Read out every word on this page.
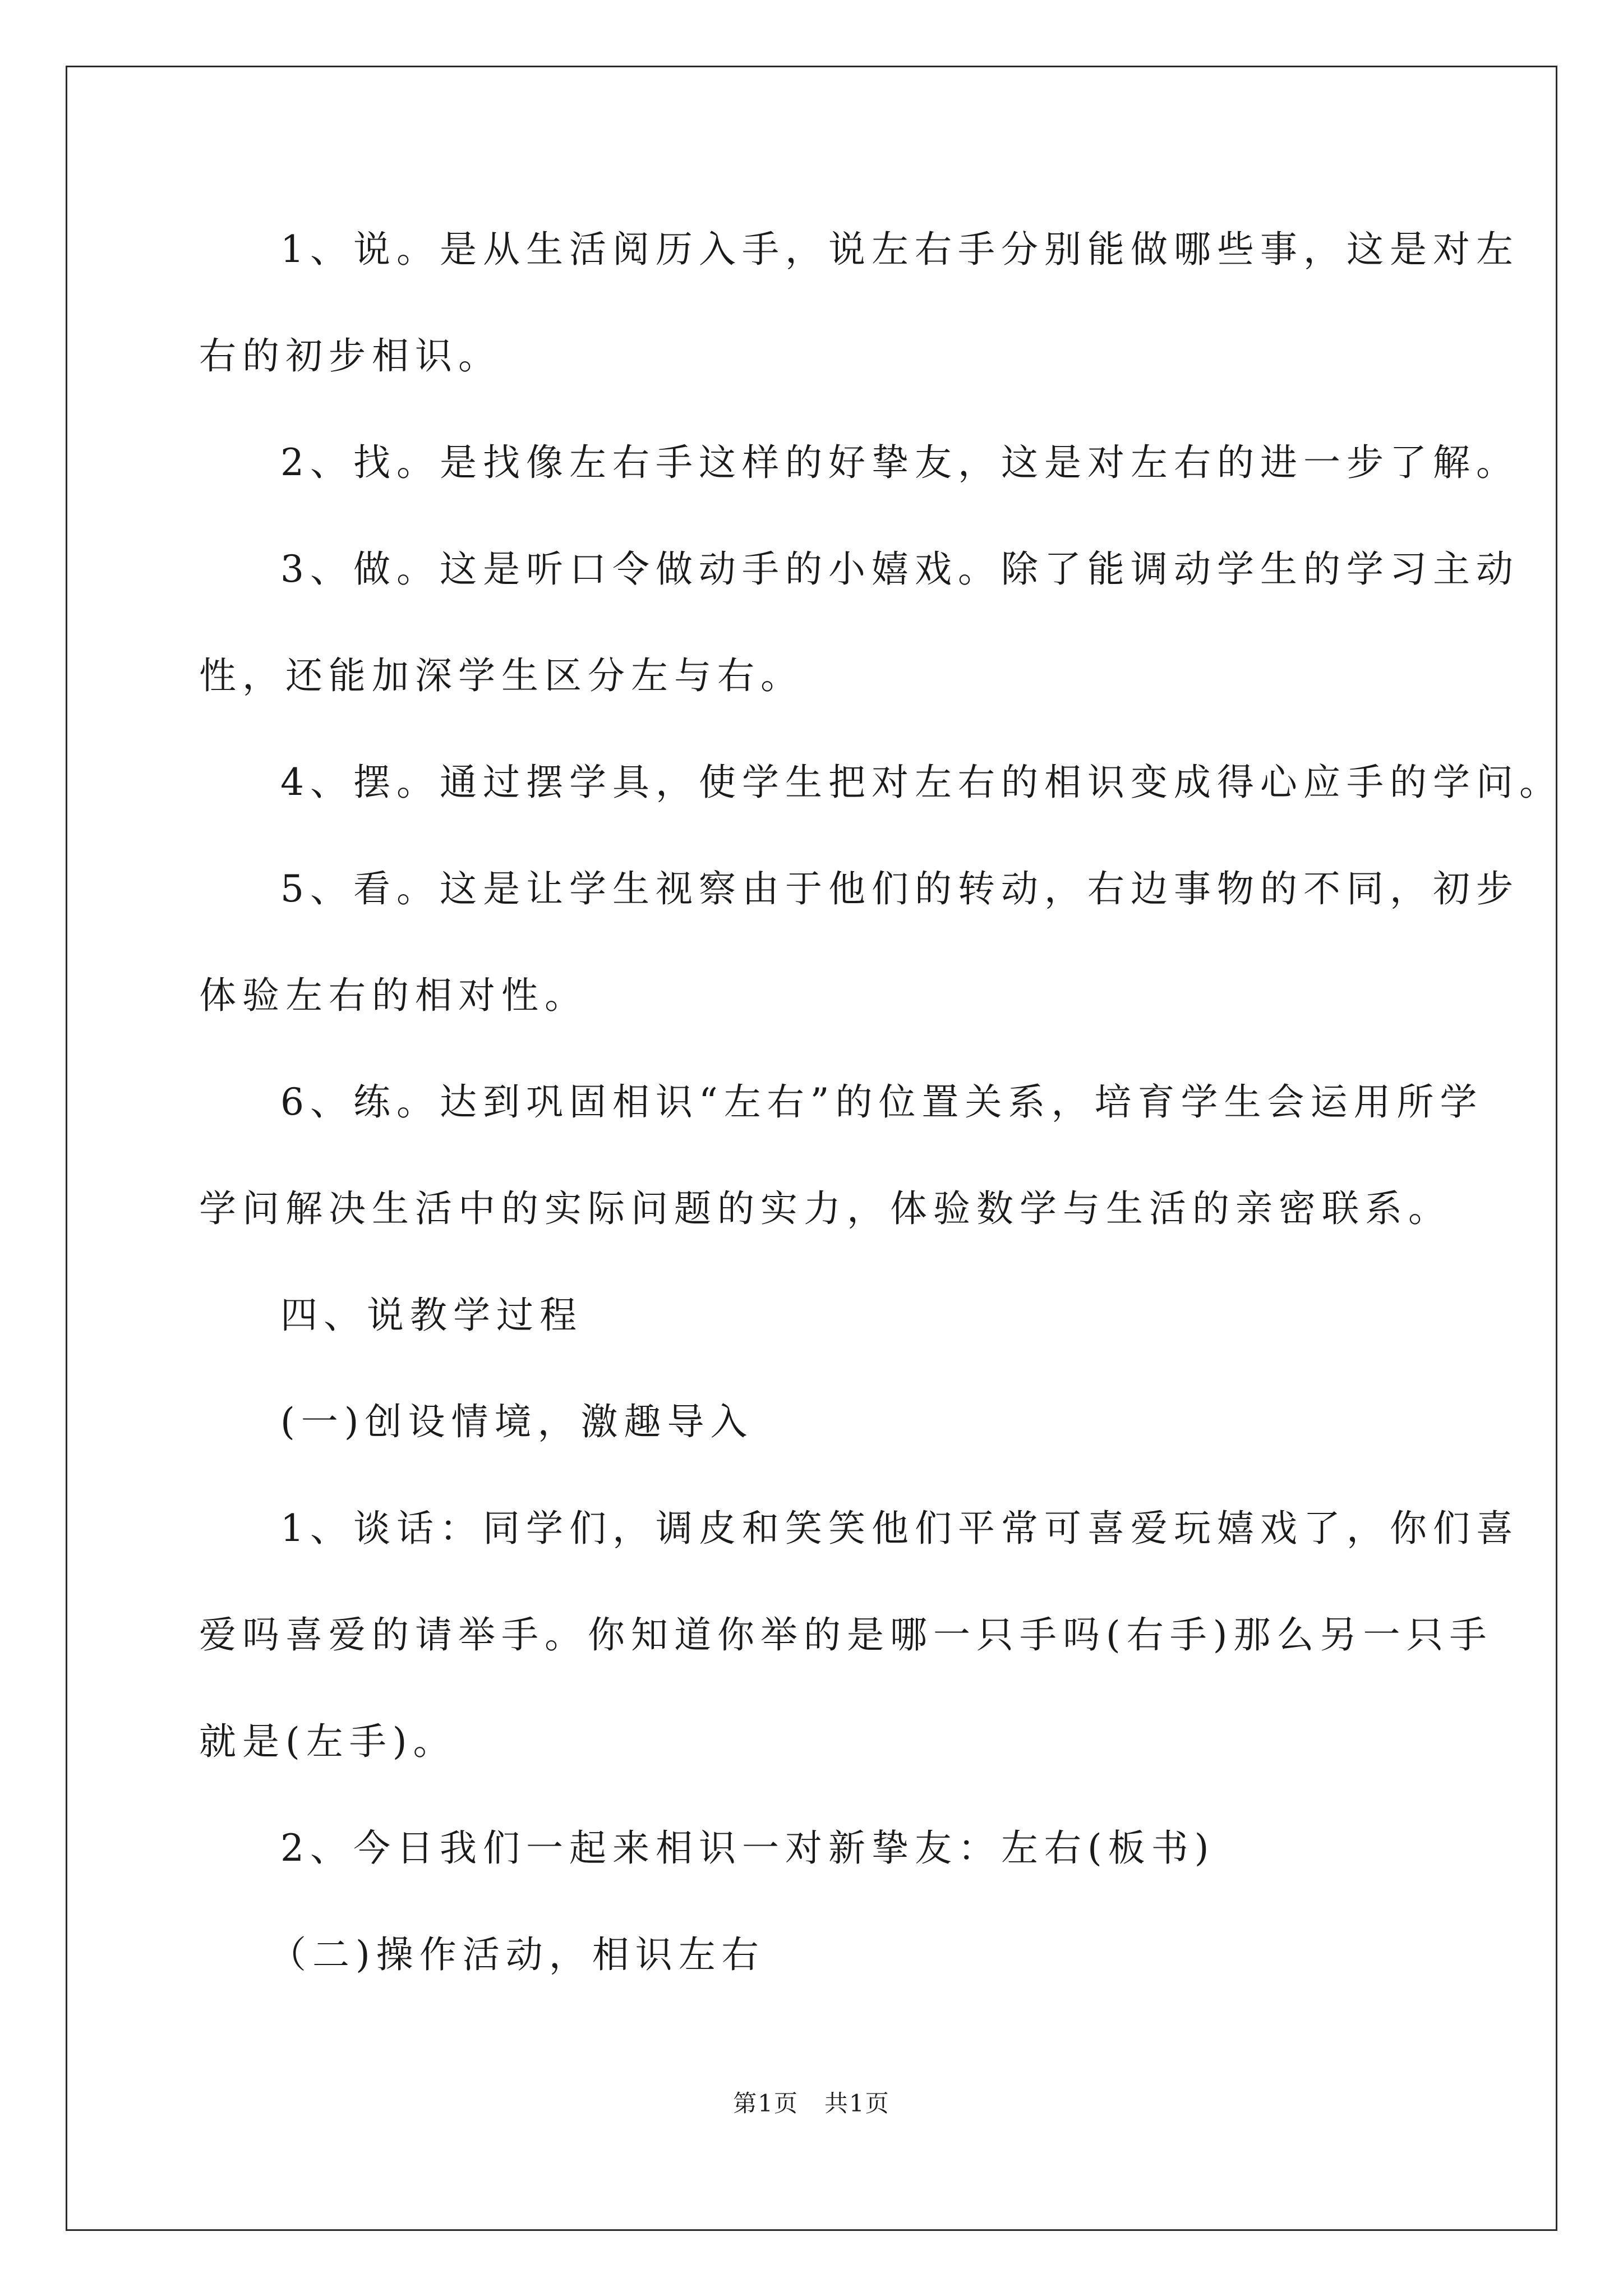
1、说。是从生活阅历入手，说左右手分别能做哪些事，这是对左
右的初步相识。
2、找。是找像左右手这样的好挚友，这是对左右的进一步了解。
3、做。这是听口令做动手的小嬉戏。除了能调动学生的学习主动
性，还能加深学生区分左与右。
4、摆。通过摆学具，使学生把对左右的相识变成得心应手的学问。
5、看。这是让学生视察由于他们的转动，右边事物的不同，初步
体验左右的相对性。
6、练。达到巩固相识“左右”的位置关系，培育学生会运用所学
学问解决生活中的实际问题的实力，体验数学与生活的亲密联系。
四、说教学过程
(一)创设情境，激趣导入
1、谈话：同学们，调皮和笑笑他们平常可喜爱玩嬉戏了，你们喜
爱吗喜爱的请举手。你知道你举的是哪一只手吗(右手)那么另一只手
就是(左手)。
2、今日我们一起来相识一对新挚友：左右(板书)
（二)操作活动，相识左右
第1页   共1页
